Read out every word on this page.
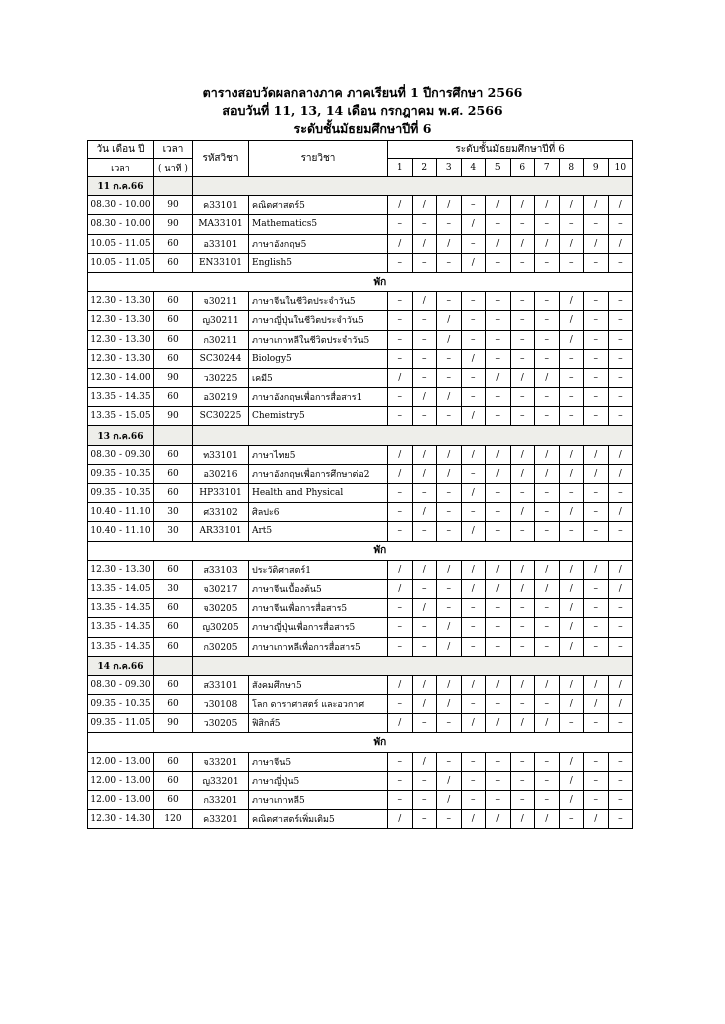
ตารางสอบวัดผลกลางภาค ภาคเรียนที่ 1 ปีการศึกษา 2566
สอบวันที่ 11, 13, 14 เดือน กรกฎาคม พ.ศ. 2566
ระดับชั้นมัธยมศึกษาปีที่ 6
วัน เดือน ปี	เวลา	รหัสวิชา	รายวิชา	ระดับชั้นมัธยมศึกษาปีที่ 6									
เวลา	( นาที )			1	2	3	4	5	6	7	8	9	10
11 ก.ค.66													
08.30 - 10.00	90	ค33101	คณิตศาสตร์5	/	/	/	–	/	/	/	/	/	/
08.30 - 10.00	90	MA33101	Mathematics5	–	–	–	/	–	–	–	–	–	–
10.05 - 11.05	60	อ33101	ภาษาอังกฤษ5	/	/	/	–	/	/	/	/	/	/
10.05 - 11.05	60	EN33101	English5	–	–	–	/	–	–	–	–	–	–
				พัก									
12.30 - 13.30	60	จ30211	ภาษาจีนในชีวิตประจำวัน5	–	/	–	–	–	–	–	/	–	–
12.30 - 13.30	60	ญ30211	ภาษาญี่ปุ่นในชีวิตประจำวัน5	–	–	/	–	–	–	–	/	–	–
12.30 - 13.30	60	ก30211	ภาษาเกาหลีในชีวิตประจำวัน5	–	–	/	–	–	–	–	/	–	–
12.30 - 13.30	60	SC30244	Biology5	–	–	–	/	–	–	–	–	–	–
12.30 - 14.00	90	ว30225	เคมี5	/	–	–	–	/	/	/	–	–	–
13.35 - 14.35	60	อ30219	ภาษาอังกฤษเพื่อการสื่อสาร1	–	/	/	–	–	–	–	–	–	–
13.35 - 15.05	90	SC30225	Chemistry5	–	–	–	/	–	–	–	–	–	–
13 ก.ค.66													
08.30 - 09.30	60	ท33101	ภาษาไทย5	/	/	/	/	/	/	/	/	/	/
09.35 - 10.35	60	อ30216	ภาษาอังกฤษเพื่อการศึกษาต่อ2	/	/	/	–	/	/	/	/	/	/
09.35 - 10.35	60	HP33101	Health and Physical	–	–	–	/	–	–	–	–	–	–
10.40 - 11.10	30	ศ33102	ศิลปะ6	–	/	–	–	–	/	–	/	–	/
10.40 - 11.10	30	AR33101	Art5	–	–	–	/	–	–	–	–	–	–
				พัก									
12.30 - 13.30	60	ส33103	ประวัติศาสตร์1	/	/	/	/	/	/	/	/	/	/
13.35 - 14.05	30	จ30217	ภาษาจีนเบื้องต้น5	/	–	–	/	/	/	/	/	–	/
13.35 - 14.35	60	จ30205	ภาษาจีนเพื่อการสื่อสาร5	–	/	–	–	–	–	–	/	–	–
13.35 - 14.35	60	ญ30205	ภาษาญี่ปุ่นเพื่อการสื่อสาร5	–	–	/	–	–	–	–	/	–	–
13.35 - 14.35	60	ก30205	ภาษาเกาหลีเพื่อการสื่อสาร5	–	–	/	–	–	–	–	/	–	–
14 ก.ค.66													
08.30 - 09.30	60	ส33101	สังคมศึกษา5	/	/	/	/	/	/	/	/	/	/
09.35 - 10.35	60	ว30108	โลก ดาราศาสตร์ และอวกาศ	–	/	/	–	–	–	–	/	/	/
09.35 - 11.05	90	ว30205	ฟิสิกส์5	/	–	–	/	/	/	/	–	–	–
				พัก									
12.00 - 13.00	60	จ33201	ภาษาจีน5	–	/	–	–	–	–	–	/	–	–
12.00 - 13.00	60	ญ33201	ภาษาญี่ปุ่น5	–	–	/	–	–	–	–	/	–	–
12.00 - 13.00	60	ก33201	ภาษาเกาหลี5	–	–	/	–	–	–	–	/	–	–
12.30 - 14.30	120	ค33201	คณิตศาสตร์เพิ่มเติม5	/	–	–	/	/	/	/	–	/	–
